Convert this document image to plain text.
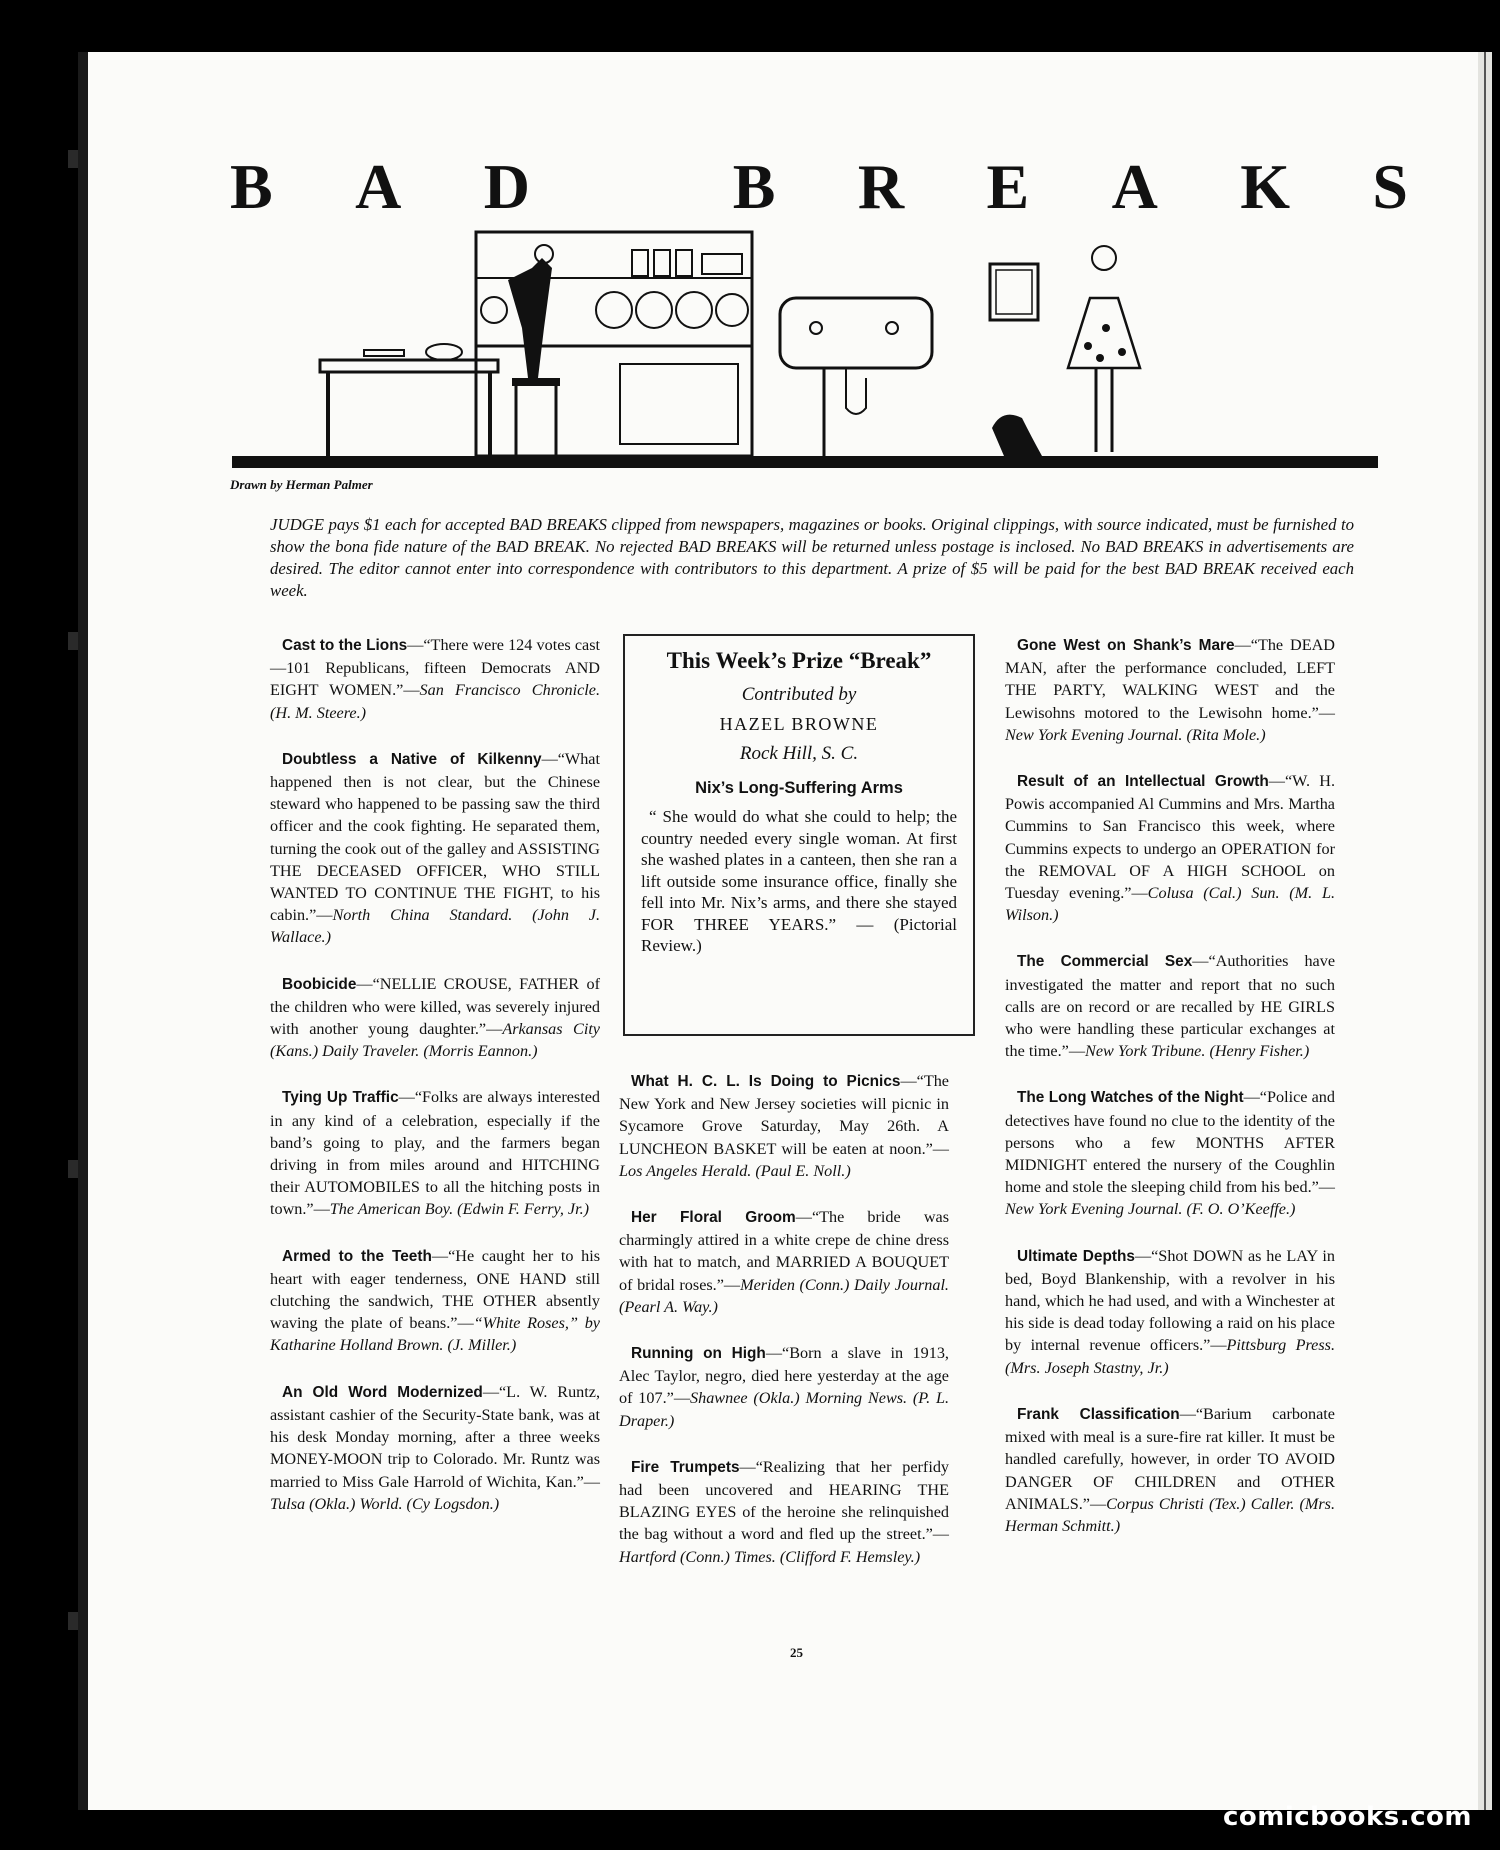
B A D	B R E A K S
Drawn by Herman Palmer
JUDGE pays $1 each for accepted BAD BREAKS clipped from newspapers, magazines or books. Original clippings, with source indicated, must be furnished to show the bona fide nature of the BAD BREAK. No rejected BAD BREAKS will be returned unless postage is inclosed. No BAD BREAKS in advertisements are desired. The editor cannot enter into correspondence with contributors to this department. A prize of $5 will be paid for the best BAD BREAK received each week.
Cast to the Lions—“There were 124 votes cast—101 Republicans, fifteen Democrats AND EIGHT WOMEN.”—San Francisco Chronicle. (H. M. Steere.)
Doubtless a Native of Kilkenny—“What happened then is not clear, but the Chinese steward who happened to be passing saw the third officer and the cook fighting. He separated them, turning the cook out of the galley and ASSISTING THE DECEASED OFFICER, WHO STILL WANTED TO CONTINUE THE FIGHT, to his cabin.”—North China Standard. (John J. Wallace.)
Boobicide—“NELLIE CROUSE, FATHER of the children who were killed, was severely injured with another young daughter.”—Arkansas City (Kans.) Daily Traveler. (Morris Eannon.)
Tying Up Traffic—“Folks are always interested in any kind of a celebration, especially if the band’s going to play, and the farmers began driving in from miles around and HITCHING their AUTOMOBILES to all the hitching posts in town.”—The American Boy. (Edwin F. Ferry, Jr.)
Armed to the Teeth—“He caught her to his heart with eager tenderness, ONE HAND still clutching the sandwich, THE OTHER absently waving the plate of beans.”—“White Roses,” by Katharine Holland Brown. (J. Miller.)
An Old Word Modernized—“L. W. Runtz, assistant cashier of the Security-State bank, was at his desk Monday morning, after a three weeks MONEY-MOON trip to Colorado. Mr. Runtz was married to Miss Gale Harrold of Wichita, Kan.”—Tulsa (Okla.) World. (Cy Logsdon.)
This Week’s Prize “Break”
Contributed by
HAZEL BROWNE
Rock Hill, S. C.
Nix’s Long-Suffering Arms
“ She would do what she could to help; the country needed every single woman. At first she washed plates in a canteen, then she ran a lift outside some insurance office, finally she fell into Mr. Nix’s arms, and there she stayed FOR THREE YEARS.” — (Pictorial Review.)
What H. C. L. Is Doing to Picnics—“The New York and New Jersey societies will picnic in Sycamore Grove Saturday, May 26th. A LUNCHEON BASKET will be eaten at noon.”—Los Angeles Herald. (Paul E. Noll.)
Her Floral Groom—“The bride was charmingly attired in a white crepe de chine dress with hat to match, and MARRIED A BOUQUET of bridal roses.”—Meriden (Conn.) Daily Journal. (Pearl A. Way.)
Running on High—“Born a slave in 1913, Alec Taylor, negro, died here yesterday at the age of 107.”—Shawnee (Okla.) Morning News. (P. L. Draper.)
Fire Trumpets—“Realizing that her perfidy had been uncovered and HEARING THE BLAZING EYES of the heroine she relinquished the bag without a word and fled up the street.”—Hartford (Conn.) Times. (Clifford F. Hemsley.)
Gone West on Shank’s Mare—“The DEAD MAN, after the performance concluded, LEFT THE PARTY, WALKING WEST and the Lewisohns motored to the Lewisohn home.”—New York Evening Journal. (Rita Mole.)
Result of an Intellectual Growth—“W. H. Powis accompanied Al Cummins and Mrs. Martha Cummins to San Francisco this week, where Cummins expects to undergo an OPERATION for the REMOVAL OF A HIGH SCHOOL on Tuesday evening.”—Colusa (Cal.) Sun. (M. L. Wilson.)
The Commercial Sex—“Authorities have investigated the matter and report that no such calls are on record or are recalled by HE GIRLS who were handling these particular exchanges at the time.”—New York Tribune. (Henry Fisher.)
The Long Watches of the Night—“Police and detectives have found no clue to the identity of the persons who a few MONTHS AFTER MIDNIGHT entered the nursery of the Coughlin home and stole the sleeping child from his bed.”—New York Evening Journal. (F. O. O’Keeffe.)
Ultimate Depths—“Shot DOWN as he LAY in bed, Boyd Blankenship, with a revolver in his hand, which he had used, and with a Winchester at his side is dead today following a raid on his place by internal revenue officers.”—Pittsburg Press. (Mrs. Joseph Stastny, Jr.)
Frank Classification—“Barium carbonate mixed with meal is a sure-fire rat killer. It must be handled carefully, however, in order TO AVOID DANGER OF CHILDREN and OTHER ANIMALS.”—Corpus Christi (Tex.) Caller. (Mrs. Herman Schmitt.)
25
comicbooks.com
